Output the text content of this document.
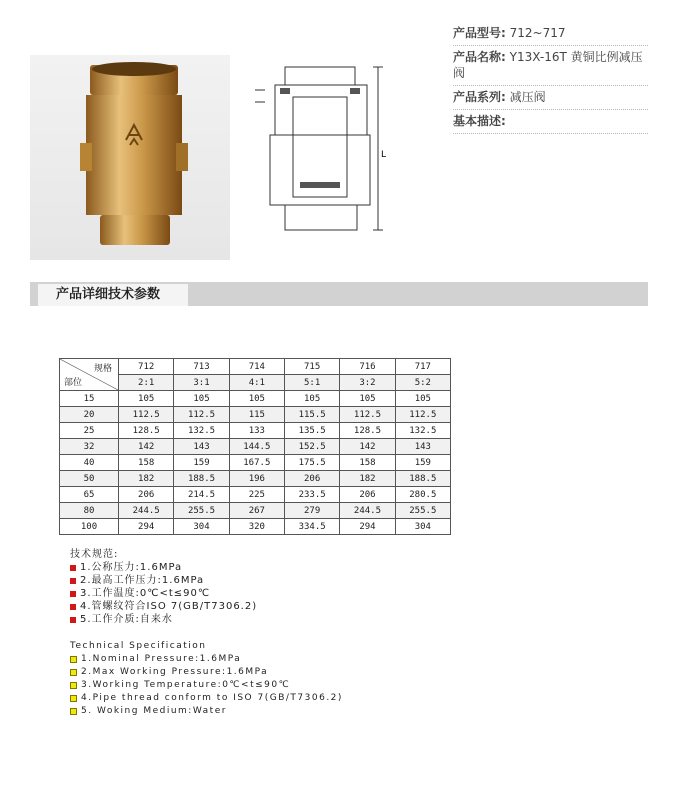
L
产品型号: 712~717
产品名称: Y13X-16T 黄铜比例减压阀
产品系列: 减压阀
基本描述:
产品详细技术参数
规格
部位	712	713	714	715	716	717
	2:1	3:1	4:1	5:1	3:2	5:2
15	105	105	105	105	105	105
20	112.5	112.5	115	115.5	112.5	112.5
25	128.5	132.5	133	135.5	128.5	132.5
32	142	143	144.5	152.5	142	143
40	158	159	167.5	175.5	158	159
50	182	188.5	196	206	182	188.5
65	206	214.5	225	233.5	206	280.5
80	244.5	255.5	267	279	244.5	255.5
100	294	304	320	334.5	294	304
技术规范:
1.公称压力:1.6MPa
2.最高工作压力:1.6MPa
3.工作温度:0℃<t≤90℃
4.管螺纹符合ISO 7(GB/T7306.2)
5.工作介质:自来水
Technical Specification
1.Nominal Pressure:1.6MPa
2.Max Working Pressure:1.6MPa
3.Working Temperature:0℃<t≤90℃
4.Pipe thread conform to ISO 7(GB/T7306.2)
5. Woking Medium:Water
